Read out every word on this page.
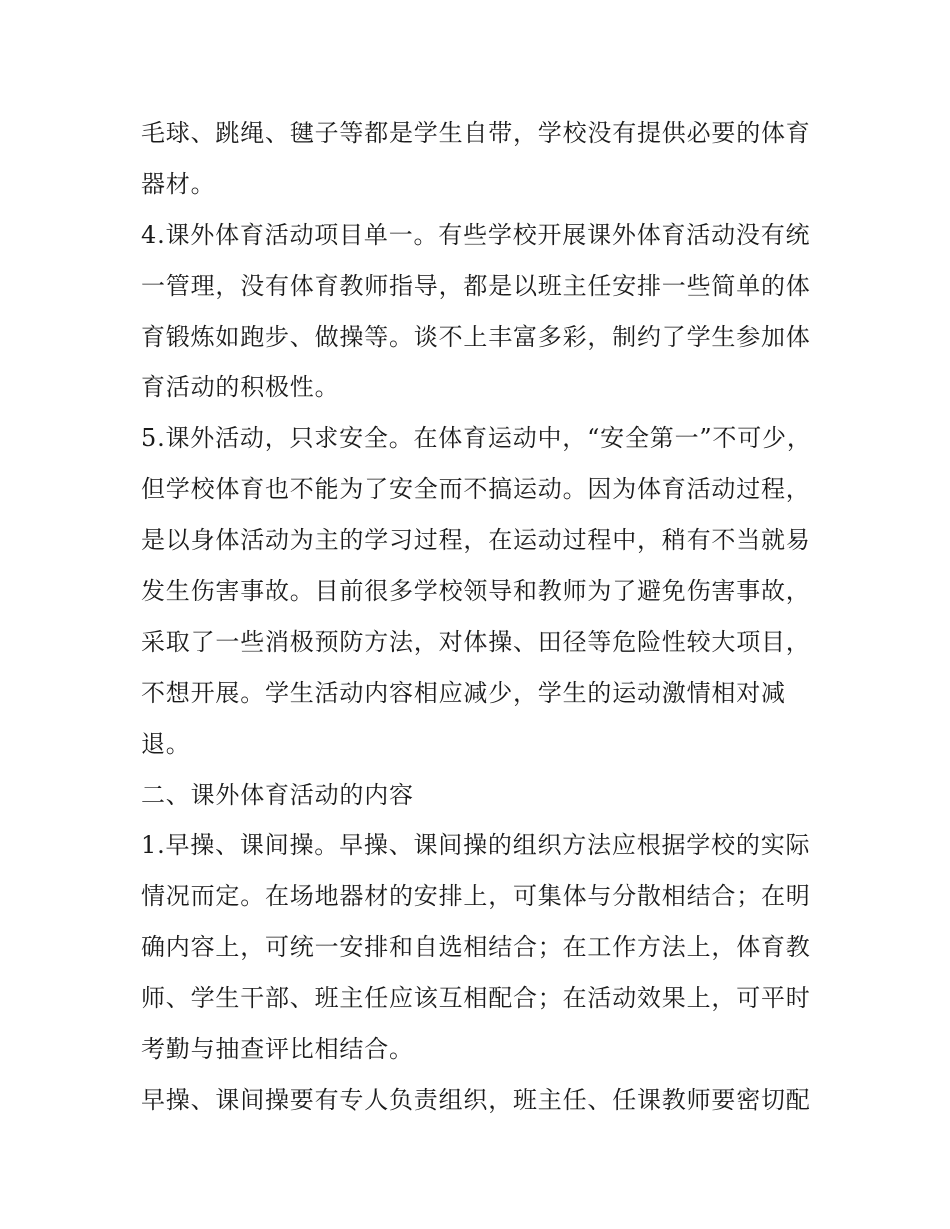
毛球、跳绳、毽子等都是学生自带，学校没有提供必要的体育
器材。
4.课外体育活动项目单一。有些学校开展课外体育活动没有统
一管理，没有体育教师指导，都是以班主任安排一些简单的体
育锻炼如跑步、做操等。谈不上丰富多彩，制约了学生参加体
育活动的积极性。
5.课外活动，只求安全。在体育运动中，“安全第一”不可少，
但学校体育也不能为了安全而不搞运动。因为体育活动过程，
是以身体活动为主的学习过程，在运动过程中，稍有不当就易
发生伤害事故。目前很多学校领导和教师为了避免伤害事故，
采取了一些消极预防方法，对体操、田径等危险性较大项目，
不想开展。学生活动内容相应减少，学生的运动激情相对减
退。
二、课外体育活动的内容
1.早操、课间操。早操、课间操的组织方法应根据学校的实际
情况而定。在场地器材的安排上，可集体与分散相结合；在明
确内容上，可统一安排和自选相结合；在工作方法上，体育教
师、学生干部、班主任应该互相配合；在活动效果上，可平时
考勤与抽查评比相结合。
早操、课间操要有专人负责组织，班主任、任课教师要密切配
